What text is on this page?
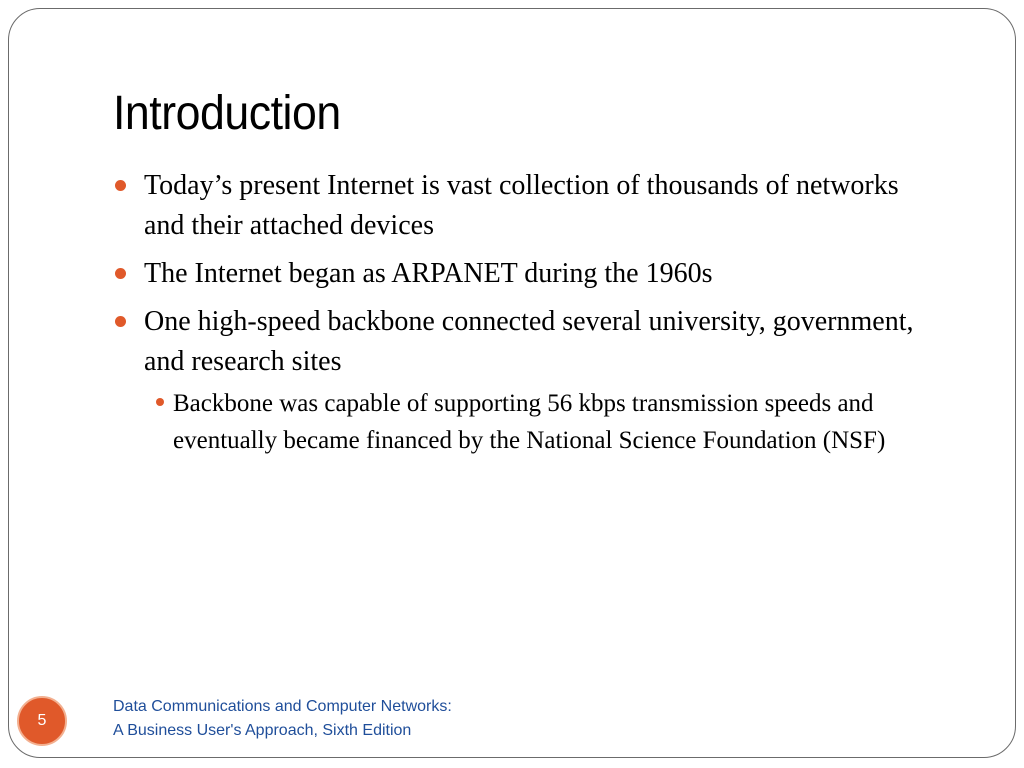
Introduction
Today’s present Internet is vast collection of thousands of networks and their attached devices
The Internet began as ARPANET during the 1960s
One high-speed backbone connected several university, government, and research sites
Backbone was capable of supporting 56 kbps transmission speeds and eventually became financed by the National Science Foundation (NSF)
5
Data Communications and Computer Networks:
A Business User's Approach, Sixth Edition
